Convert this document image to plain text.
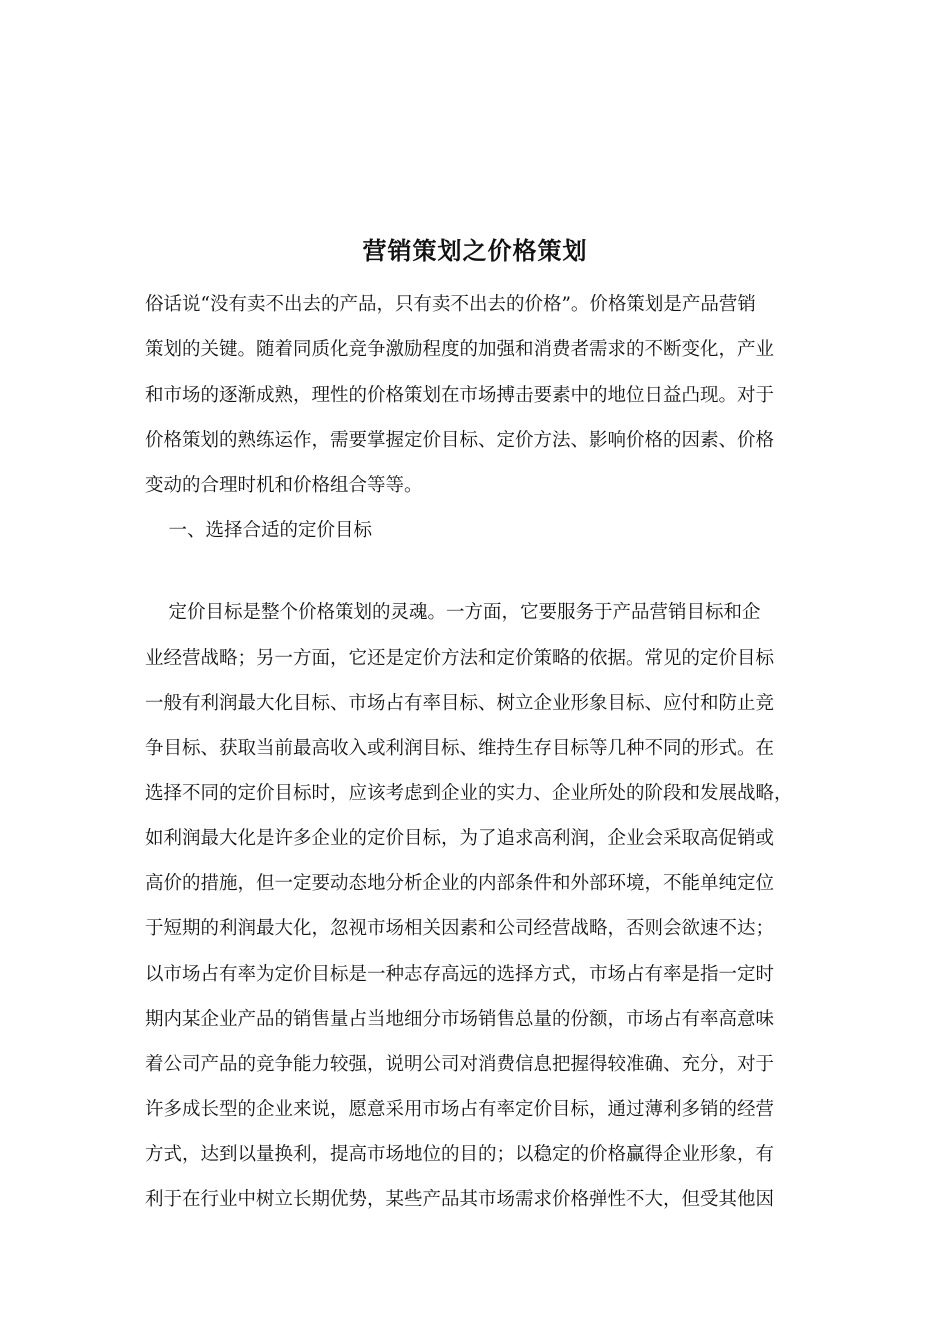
营销策划之价格策划

俗话说“没有卖不出去的产品，只有卖不出去的价格”。价格策划是产品营销

策划的关键。随着同质化竞争激励程度的加强和消费者需求的不断变化，产业

和市场的逐渐成熟，理性的价格策划在市场搏击要素中的地位日益凸现。对于

价格策划的熟练运作，需要掌握定价目标、定价方法、影响价格的因素、价格

变动的合理时机和价格组合等等。

一、选择合适的定价目标

定价目标是整个价格策划的灵魂。一方面，它要服务于产品营销目标和企

业经营战略；另一方面，它还是定价方法和定价策略的依据。常见的定价目标

一般有利润最大化目标、市场占有率目标、树立企业形象目标、应付和防止竞

争目标、获取当前最高收入或利润目标、维持生存目标等几种不同的形式。在

选择不同的定价目标时，应该考虑到企业的实力、企业所处的阶段和发展战略，

如利润最大化是许多企业的定价目标，为了追求高利润，企业会采取高促销或

高价的措施，但一定要动态地分析企业的内部条件和外部环境，不能单纯定位

于短期的利润最大化，忽视市场相关因素和公司经营战略，否则会欲速不达；

以市场占有率为定价目标是一种志存高远的选择方式，市场占有率是指一定时

期内某企业产品的销售量占当地细分市场销售总量的份额，市场占有率高意味

着公司产品的竞争能力较强，说明公司对消费信息把握得较准确、充分，对于

许多成长型的企业来说，愿意采用市场占有率定价目标，通过薄利多销的经营

方式，达到以量换利，提高市场地位的目的；以稳定的价格赢得企业形象，有

利于在行业中树立长期优势，某些产品其市场需求价格弹性不大，但受其他因
